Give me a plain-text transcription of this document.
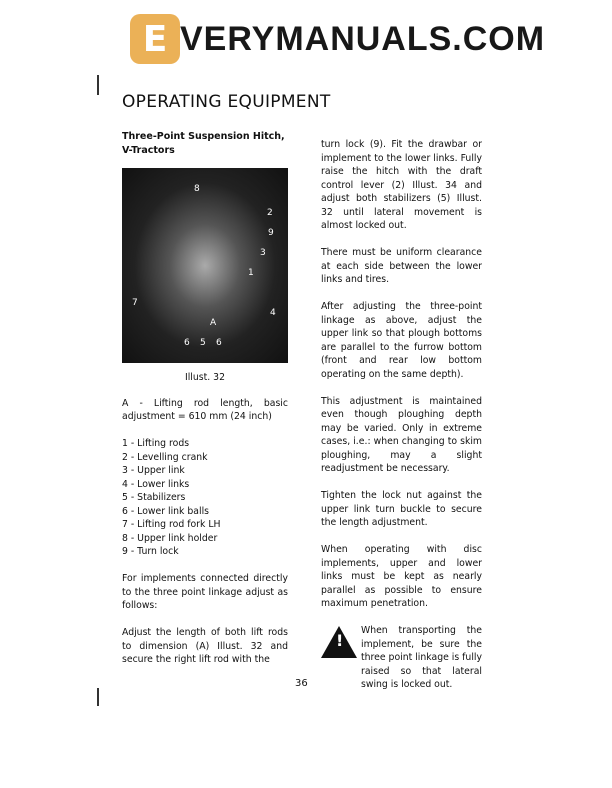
OPERATING EQUIPMENT
Three-Point Suspension Hitch, V-Tractors
8
2
9
4
3
1
7
A
6 5 6
Illust. 32

A - Lifting rod length, basic adjustment = 610 mm (24 inch)

1 - Lifting rods
2 - Levelling crank
3 - Upper link
4 - Lower links
5 - Stabilizers
6 - Lower link balls
7 - Lifting rod fork LH
8 - Upper link holder
9 - Turn lock

For implements connected directly to the three point linkage adjust as follows:

Adjust the length of both lift rods to dimension (A) Illust. 32 and secure the right lift rod with the

turn lock (9). Fit the drawbar or implement to the lower links. Fully raise the hitch with the draft control lever (2) Illust. 34 and adjust both stabilizers (5) Illust. 32 until lateral movement is almost locked out.

There must be uniform clearance at each side between the lower links and tires.

After adjusting the three-point linkage as above, adjust the upper link so that plough bottoms are parallel to the furrow bottom (front and rear low bottom operating on the same depth).

This adjustment is maintained even though ploughing depth may be varied. Only in extreme cases, i.e.: when changing to skim ploughing, may a slight readjustment be necessary.

Tighten the lock nut against the upper link turn buckle to secure the length adjustment.

When operating with disc implements, upper and lower links must be kept as nearly parallel as possible to ensure maximum penetration.

!

When transporting the implement, be sure the three point linkage is fully raised so that lateral swing is locked out.

36
E VERYMANUALS.COM
